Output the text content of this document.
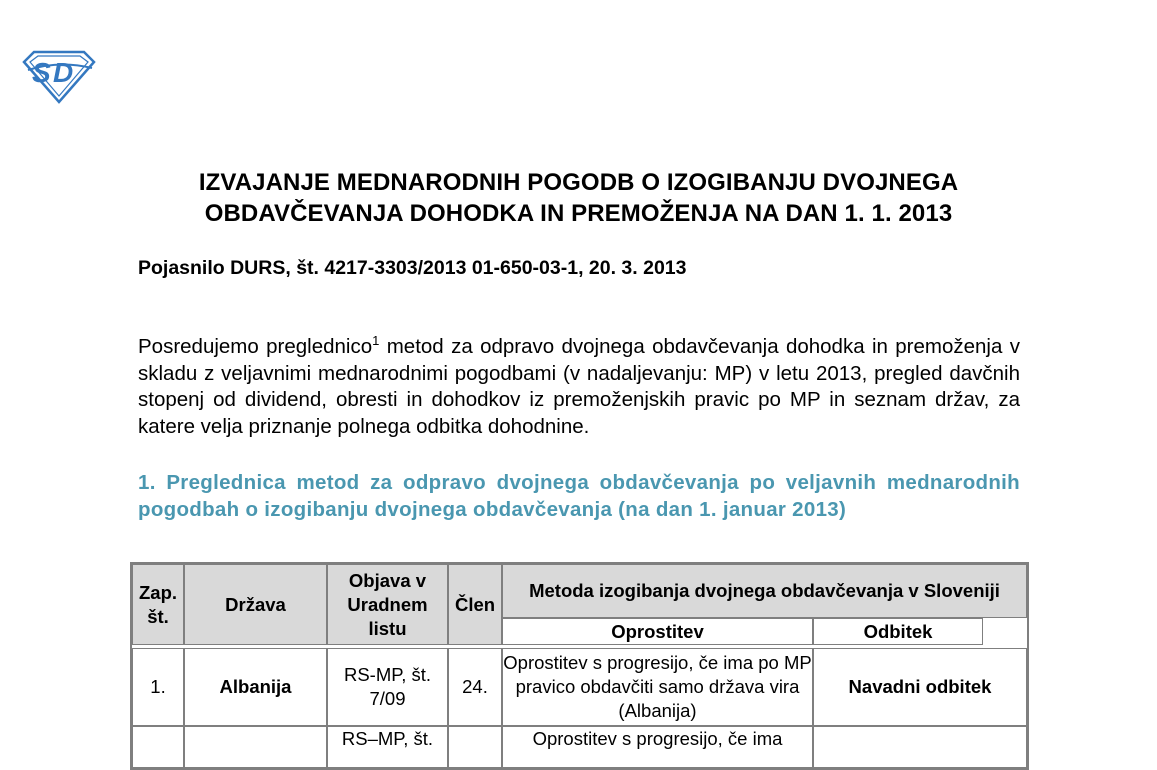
S D
IZVAJANJE MEDNARODNIH POGODB O IZOGIBANJU DVOJNEGA
OBDAVČEVANJA DOHODKA IN PREMOŽENJA NA DAN 1. 1. 2013
Pojasnilo DURS, št. 4217-3303/2013 01-650-03-1, 20. 3. 2013
Posredujemo preglednico$^1$ metod za odpravo dvojnega obdavčevanja dohodka in premoženja v skladu z veljavnimi mednarodnimi pogodbami (v nadaljevanju: MP) v letu 2013, pregled davčnih stopenj od dividend, obresti in dohodkov iz premoženjskih pravic po MP in seznam držav, za katere velja priznanje polnega odbitka dohodnine.
1. Preglednica metod za odpravo dvojnega obdavčevanja po veljavnih mednarodnih pogodbah o izogibanju dvojnega obdavčevanja (na dan 1. januar 2013)
Zap. št.	Država	Objava v Uradnem listu	Člen	Metoda izogibanja dvojnega obdavčevanja v Sloveniji		
				Oprostitev	Odbitek	

1.	Albanija	RS-MP, št. 7/09	24.	Oprostitev s progresijo, če ima po MP pravico obdavčiti samo država vira (Albanija)	Navadni odbitek	
		RS–MP, št.		Oprostitev s progresijo, če ima		
